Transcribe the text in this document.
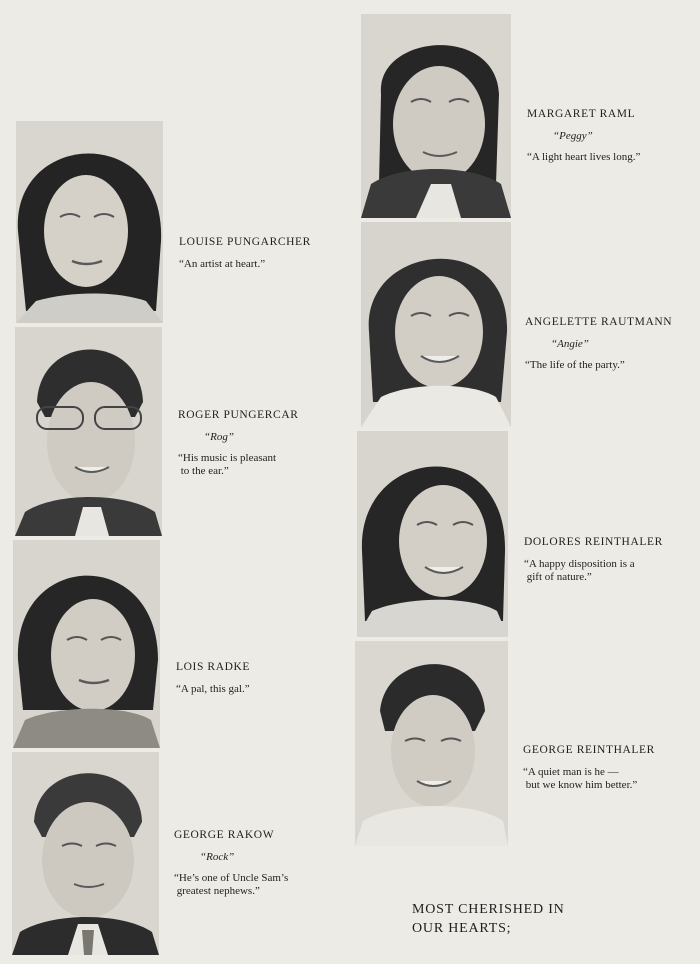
MARGARET RAML
“Peggy”
“A light heart lives long.”
LOUISE PUNGARCHER
“An artist at heart.”
ANGELETTE RAUTMANN
“Angie”
“The life of the party.”
ROGER PUNGERCAR
“Rog”
“His music is pleasant
to the ear.”
DOLORES REINTHALER
“A happy disposition is a
gift of nature.”
LOIS RADKE
“A pal, this gal.”
GEORGE REINTHALER
“A quiet man is he —
but we know him better.”
GEORGE RAKOW
“Rock”
“He’s one of Uncle Sam’s
greatest nephews.”
MOST CHERISHED IN
OUR HEARTS;
